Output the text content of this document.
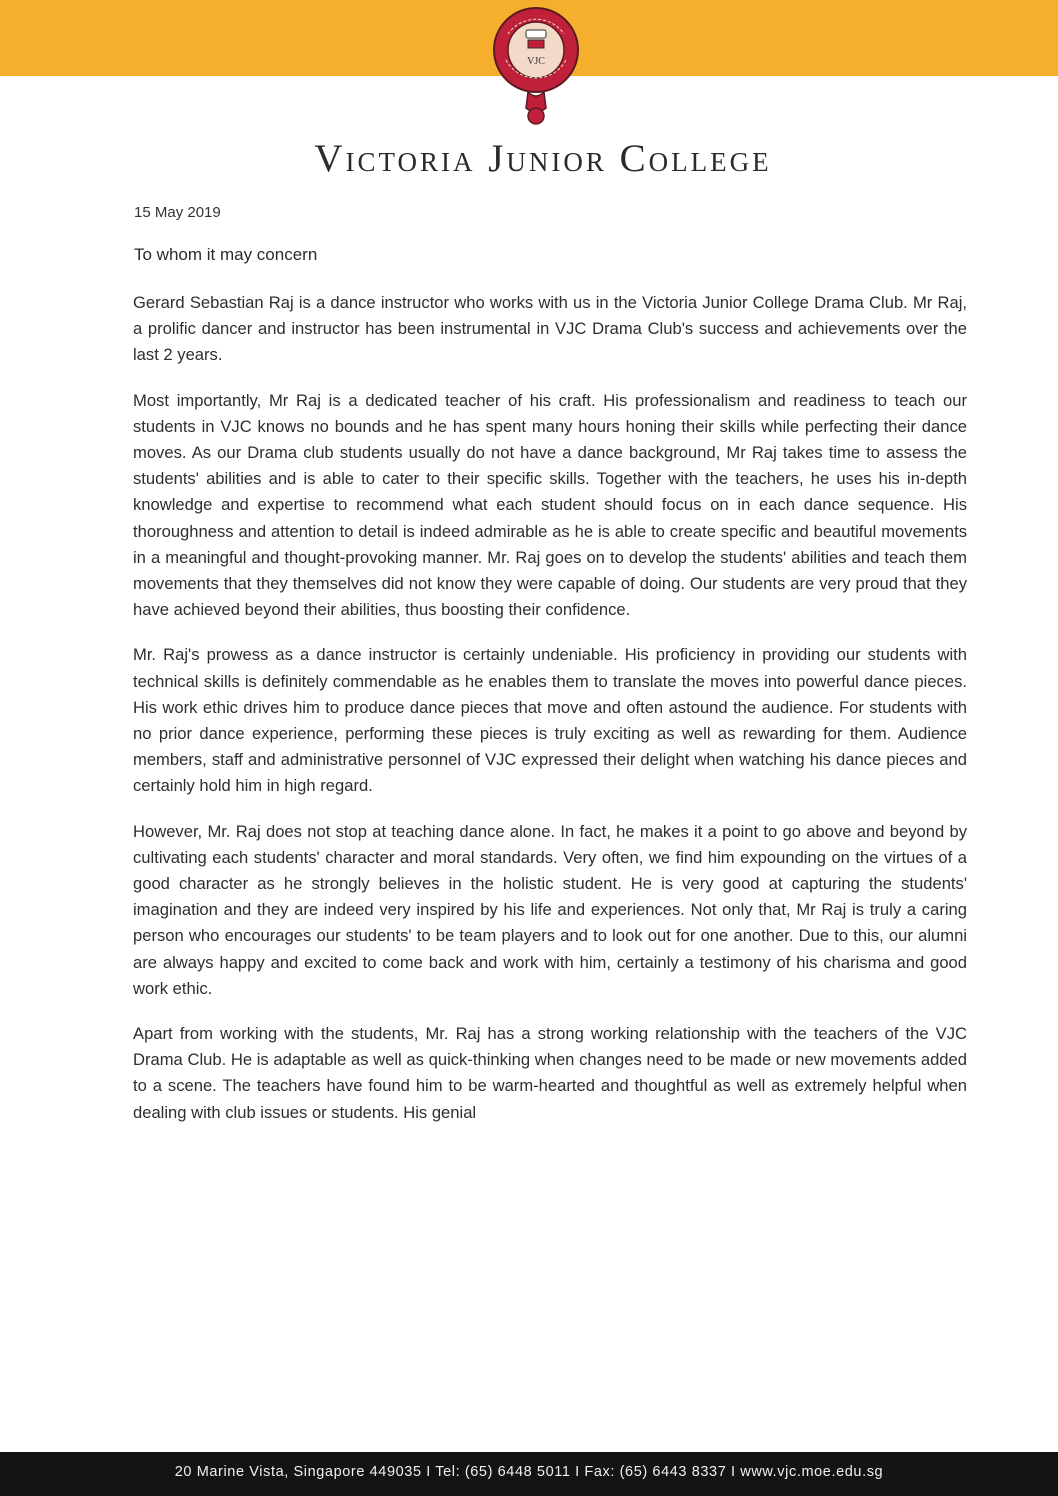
VJC
Victoria Junior College
15 May 2019
To whom it may concern

Gerard Sebastian Raj is a dance instructor who works with us in the Victoria Junior College Drama Club. Mr Raj, a prolific dancer and instructor has been instrumental in VJC Drama Club's success and achievements over the last 2 years.

Most importantly, Mr Raj is a dedicated teacher of his craft. His professionalism and readiness to teach our students in VJC knows no bounds and he has spent many hours honing their skills while perfecting their dance moves. As our Drama club students usually do not have a dance background, Mr Raj takes time to assess the students' abilities and is able to cater to their specific skills. Together with the teachers, he uses his in-depth knowledge and expertise to recommend what each student should focus on in each dance sequence. His thoroughness and attention to detail is indeed admirable as he is able to create specific and beautiful movements in a meaningful and thought-provoking manner. Mr. Raj goes on to develop the students' abilities and teach them movements that they themselves did not know they were capable of doing. Our students are very proud that they have achieved beyond their abilities, thus boosting their confidence.

Mr. Raj's prowess as a dance instructor is certainly undeniable. His proficiency in providing our students with technical skills is definitely commendable as he enables them to translate the moves into powerful dance pieces. His work ethic drives him to produce dance pieces that move and often astound the audience. For students with no prior dance experience, performing these pieces is truly exciting as well as rewarding for them. Audience members, staff and administrative personnel of VJC expressed their delight when watching his dance pieces and certainly hold him in high regard.

However, Mr. Raj does not stop at teaching dance alone. In fact, he makes it a point to go above and beyond by cultivating each students' character and moral standards. Very often, we find him expounding on the virtues of a good character as he strongly believes in the holistic student. He is very good at capturing the students' imagination and they are indeed very inspired by his life and experiences. Not only that, Mr Raj is truly a caring person who encourages our students' to be team players and to look out for one another. Due to this, our alumni are always happy and excited to come back and work with him, certainly a testimony of his charisma and good work ethic.

Apart from working with the students, Mr. Raj has a strong working relationship with the teachers of the VJC Drama Club. He is adaptable as well as quick-thinking when changes need to be made or new movements added to a scene. The teachers have found him to be warm-hearted and thoughtful as well as extremely helpful when dealing with club issues or students. His genial

20 Marine Vista, Singapore 449035 I Tel: (65) 6448 5011 I Fax: (65) 6443 8337 I www.vjc.moe.edu.sg
